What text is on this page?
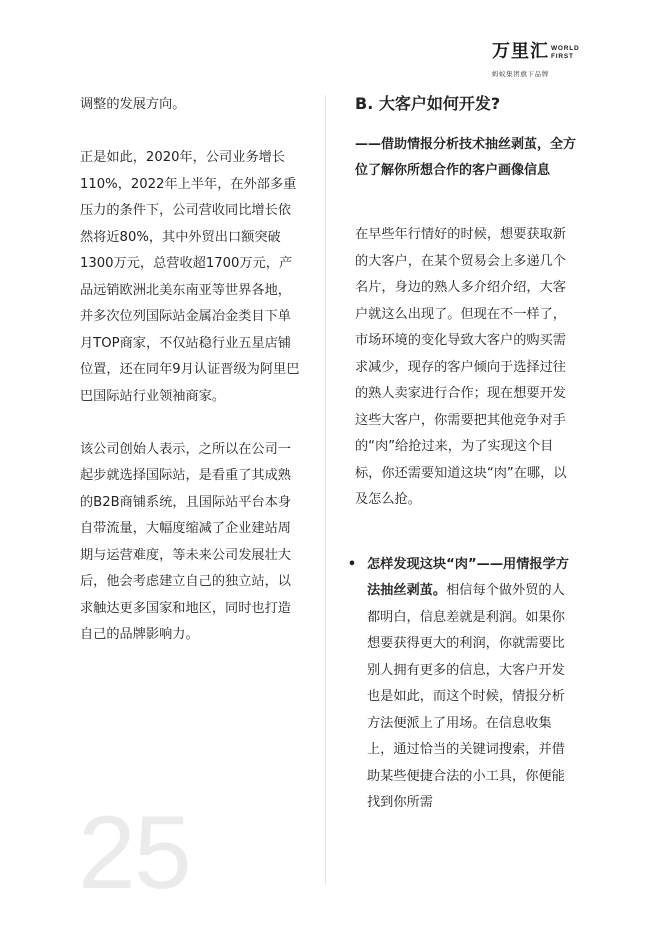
万里汇 WORLD
FIRST
蚂蚁集团旗下品牌

调整的发展方向。

正是如此，2020年，公司业务增长110%，2022年上半年，在外部多重压力的条件下，公司营收同比增长依然将近80%，其中外贸出口额突破1300万元，总营收超1700万元，产品远销欧洲北美东南亚等世界各地，并多次位列国际站金属冶金类目下单月TOP商家，不仅站稳行业五星店铺位置，还在同年9月认证晋级为阿里巴巴国际站行业领袖商家。

该公司创始人表示，之所以在公司一起步就选择国际站，是看重了其成熟的B2B商铺系统，且国际站平台本身自带流量，大幅度缩减了企业建站周期与运营难度，等未来公司发展壮大后，他会考虑建立自己的独立站，以求触达更多国家和地区，同时也打造自己的品牌影响力。

B. 大客户如何开发?
——借助情报分析技术抽丝剥茧，全方位了解你所想合作的客户画像信息

在早些年行情好的时候，想要获取新的大客户，在某个贸易会上多递几个名片，身边的熟人多介绍介绍，大客户就这么出现了。但现在不一样了，市场环境的变化导致大客户的购买需求减少，现存的客户倾向于选择过往的熟人卖家进行合作；现在想要开发这些大客户，你需要把其他竞争对手的“肉”给抢过来，为了实现这个目标，你还需要知道这块“肉”在哪，以及怎么抢。

• 怎样发现这块“肉”——用情报学方法抽丝剥茧。相信每个做外贸的人都明白，信息差就是利润。如果你想要获得更大的利润，你就需要比别人拥有更多的信息，大客户开发也是如此，而这个时候，情报分析方法便派上了用场。在信息收集上，通过恰当的关键词搜索，并借助某些便捷合法的小工具，你便能找到你所需
25
